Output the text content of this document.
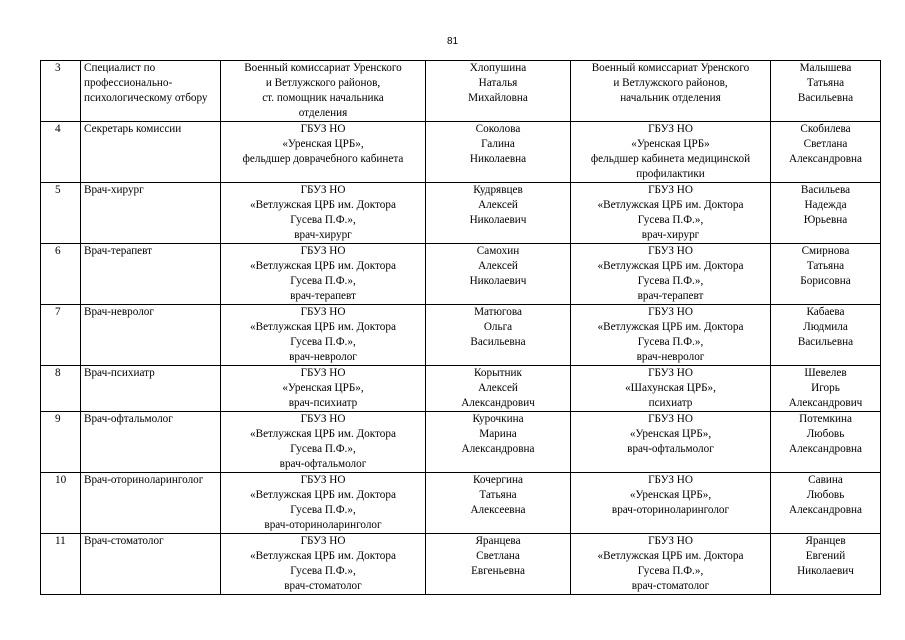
81
3	Специалист по профессионально-психологическому отбору	Военный комиссариат Уренского
и Ветлужского районов,
ст. помощник начальника
отделения	Хлопушина
Наталья
Михайловна	Военный комиссариат Уренского
и Ветлужского районов,
начальник отделения	Малышева
Татьяна
Васильевна
4	Секретарь комиссии	ГБУЗ НО
«Уренская ЦРБ»,
фельдшер доврачебного кабинета	Соколова
Галина
Николаевна	ГБУЗ НО
«Уренская ЦРБ»
фельдшер кабинета медицинской
профилактики	Скобилева
Светлана
Александровна
5	Врач-хирург	ГБУЗ НО
«Ветлужская ЦРБ им. Доктора
Гусева П.Ф.»,
врач-хирург	Кудрявцев
Алексей
Николаевич	ГБУЗ НО
«Ветлужская ЦРБ им. Доктора
Гусева П.Ф.»,
врач-хирург	Васильева
Надежда
Юрьевна
6	Врач-терапевт	ГБУЗ НО
«Ветлужская ЦРБ им. Доктора
Гусева П.Ф.»,
врач-терапевт	Самохин
Алексей
Николаевич	ГБУЗ НО
«Ветлужская ЦРБ им. Доктора
Гусева П.Ф.»,
врач-терапевт	Смирнова
Татьяна
Борисовна
7	Врач-невролог	ГБУЗ НО
«Ветлужская ЦРБ им. Доктора
Гусева П.Ф.»,
врач-невролог	Матюгова
Ольга
Васильевна	ГБУЗ НО
«Ветлужская ЦРБ им. Доктора
Гусева П.Ф.»,
врач-невролог	Кабаева
Людмила
Васильевна
8	Врач-психиатр	ГБУЗ НО
«Уренская ЦРБ»,
врач-психиатр	Корытник
Алексей
Александрович	ГБУЗ НО
«Шахунская ЦРБ»,
психиатр	Шевелев
Игорь
Александрович
9	Врач-офтальмолог	ГБУЗ НО
«Ветлужская ЦРБ им. Доктора
Гусева П.Ф.»,
врач-офтальмолог	Курочкина
Марина
Александровна	ГБУЗ НО
«Уренская ЦРБ»,
врач-офтальмолог	Потемкина
Любовь
Александровна
10	Врач-оториноларинголог	ГБУЗ НО
«Ветлужская ЦРБ им. Доктора
Гусева П.Ф.»,
врач-оториноларинголог	Кочергина
Татьяна
Алексеевна	ГБУЗ НО
«Уренская ЦРБ»,
врач-оториноларинголог	Савина
Любовь
Александровна
11	Врач-стоматолог	ГБУЗ НО
«Ветлужская ЦРБ им. Доктора
Гусева П.Ф.»,
врач-стоматолог	Яранцева
Светлана
Евгеньевна	ГБУЗ НО
«Ветлужская ЦРБ им. Доктора
Гусева П.Ф.»,
врач-стоматолог	Яранцев
Евгений
Николаевич
